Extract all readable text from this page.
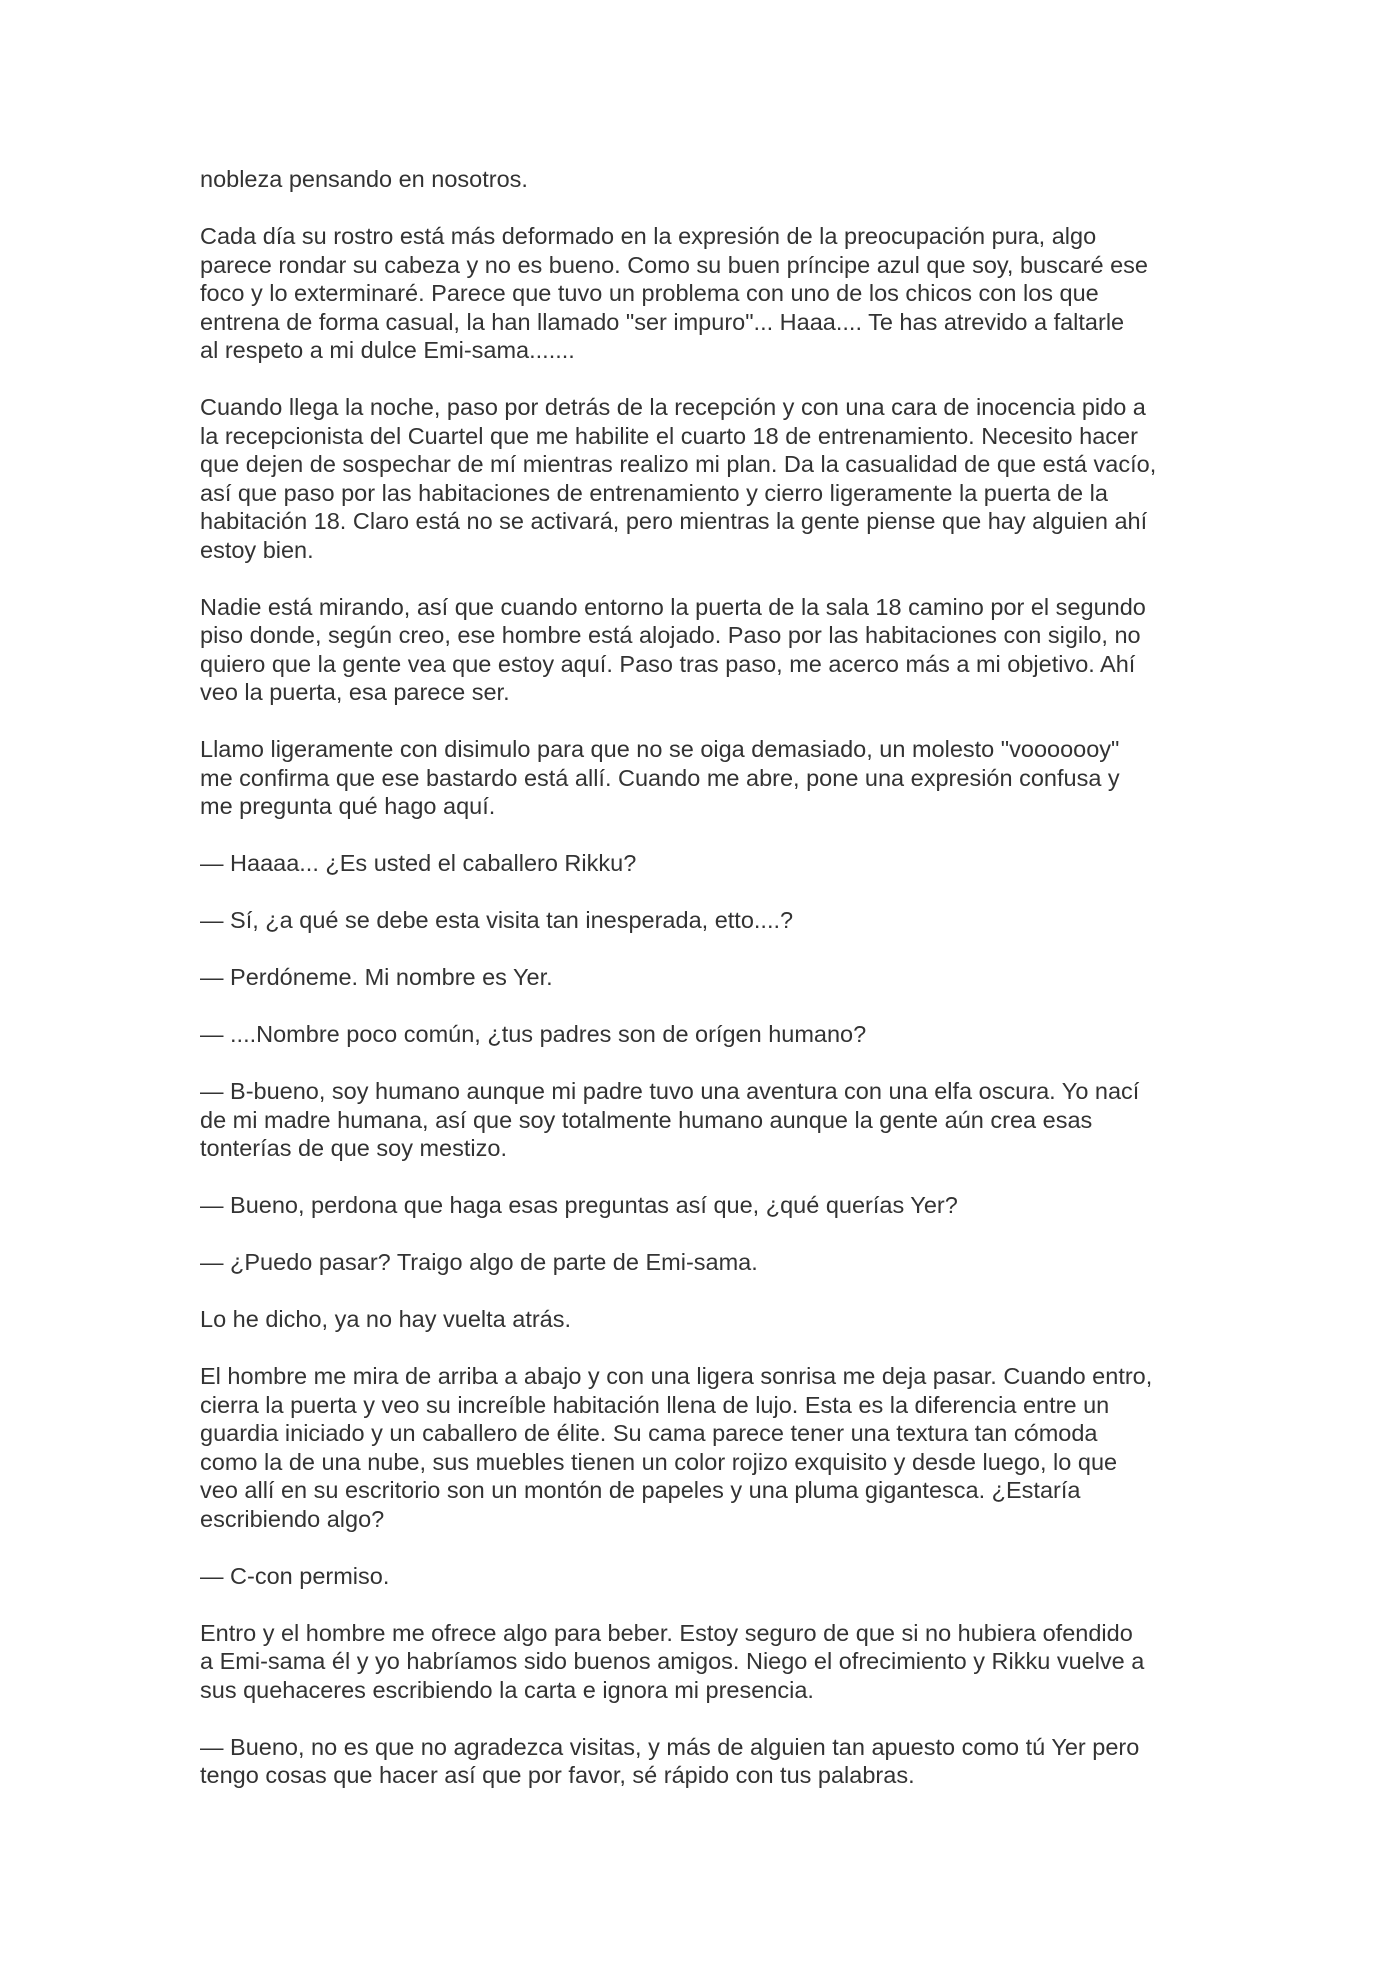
nobleza pensando en nosotros.

Cada día su rostro está más deformado en la expresión de la preocupación pura, algo
parece rondar su cabeza y no es bueno. Como su buen príncipe azul que soy, buscaré ese
foco y lo exterminaré. Parece que tuvo un problema con uno de los chicos con los que
entrena de forma casual, la han llamado "ser impuro"... Haaa.... Te has atrevido a faltarle
al respeto a mi dulce Emi-sama.......

Cuando llega la noche, paso por detrás de la recepción y con una cara de inocencia pido a
la recepcionista del Cuartel que me habilite el cuarto 18 de entrenamiento. Necesito hacer
que dejen de sospechar de mí mientras realizo mi plan. Da la casualidad de que está vacío,
así que paso por las habitaciones de entrenamiento y cierro ligeramente la puerta de la
habitación 18. Claro está no se activará, pero mientras la gente piense que hay alguien ahí
estoy bien.

Nadie está mirando, así que cuando entorno la puerta de la sala 18 camino por el segundo
piso donde, según creo, ese hombre está alojado. Paso por las habitaciones con sigilo, no
quiero que la gente vea que estoy aquí. Paso tras paso, me acerco más a mi objetivo. Ahí
veo la puerta, esa parece ser.

Llamo ligeramente con disimulo para que no se oiga demasiado, un molesto "vooooooy"
me confirma que ese bastardo está allí. Cuando me abre, pone una expresión confusa y
me pregunta qué hago aquí.

— Haaaa... ¿Es usted el caballero Rikku?

— Sí, ¿a qué se debe esta visita tan inesperada, etto....?

— Perdóneme. Mi nombre es Yer.

— ....Nombre poco común, ¿tus padres son de orígen humano?

— B-bueno, soy humano aunque mi padre tuvo una aventura con una elfa oscura. Yo nací
de mi madre humana, así que soy totalmente humano aunque la gente aún crea esas
tonterías de que soy mestizo.

— Bueno, perdona que haga esas preguntas así que, ¿qué querías Yer?

— ¿Puedo pasar? Traigo algo de parte de Emi-sama.

Lo he dicho, ya no hay vuelta atrás.

El hombre me mira de arriba a abajo y con una ligera sonrisa me deja pasar. Cuando entro,
cierra la puerta y veo su increíble habitación llena de lujo. Esta es la diferencia entre un
guardia iniciado y un caballero de élite. Su cama parece tener una textura tan cómoda
como la de una nube, sus muebles tienen un color rojizo exquisito y desde luego, lo que
veo allí en su escritorio son un montón de papeles y una pluma gigantesca. ¿Estaría
escribiendo algo?

— C-con permiso.

Entro y el hombre me ofrece algo para beber. Estoy seguro de que si no hubiera ofendido
a Emi-sama él y yo habríamos sido buenos amigos. Niego el ofrecimiento y Rikku vuelve a
sus quehaceres escribiendo la carta e ignora mi presencia.

— Bueno, no es que no agradezca visitas, y más de alguien tan apuesto como tú Yer pero
tengo cosas que hacer así que por favor, sé rápido con tus palabras.
